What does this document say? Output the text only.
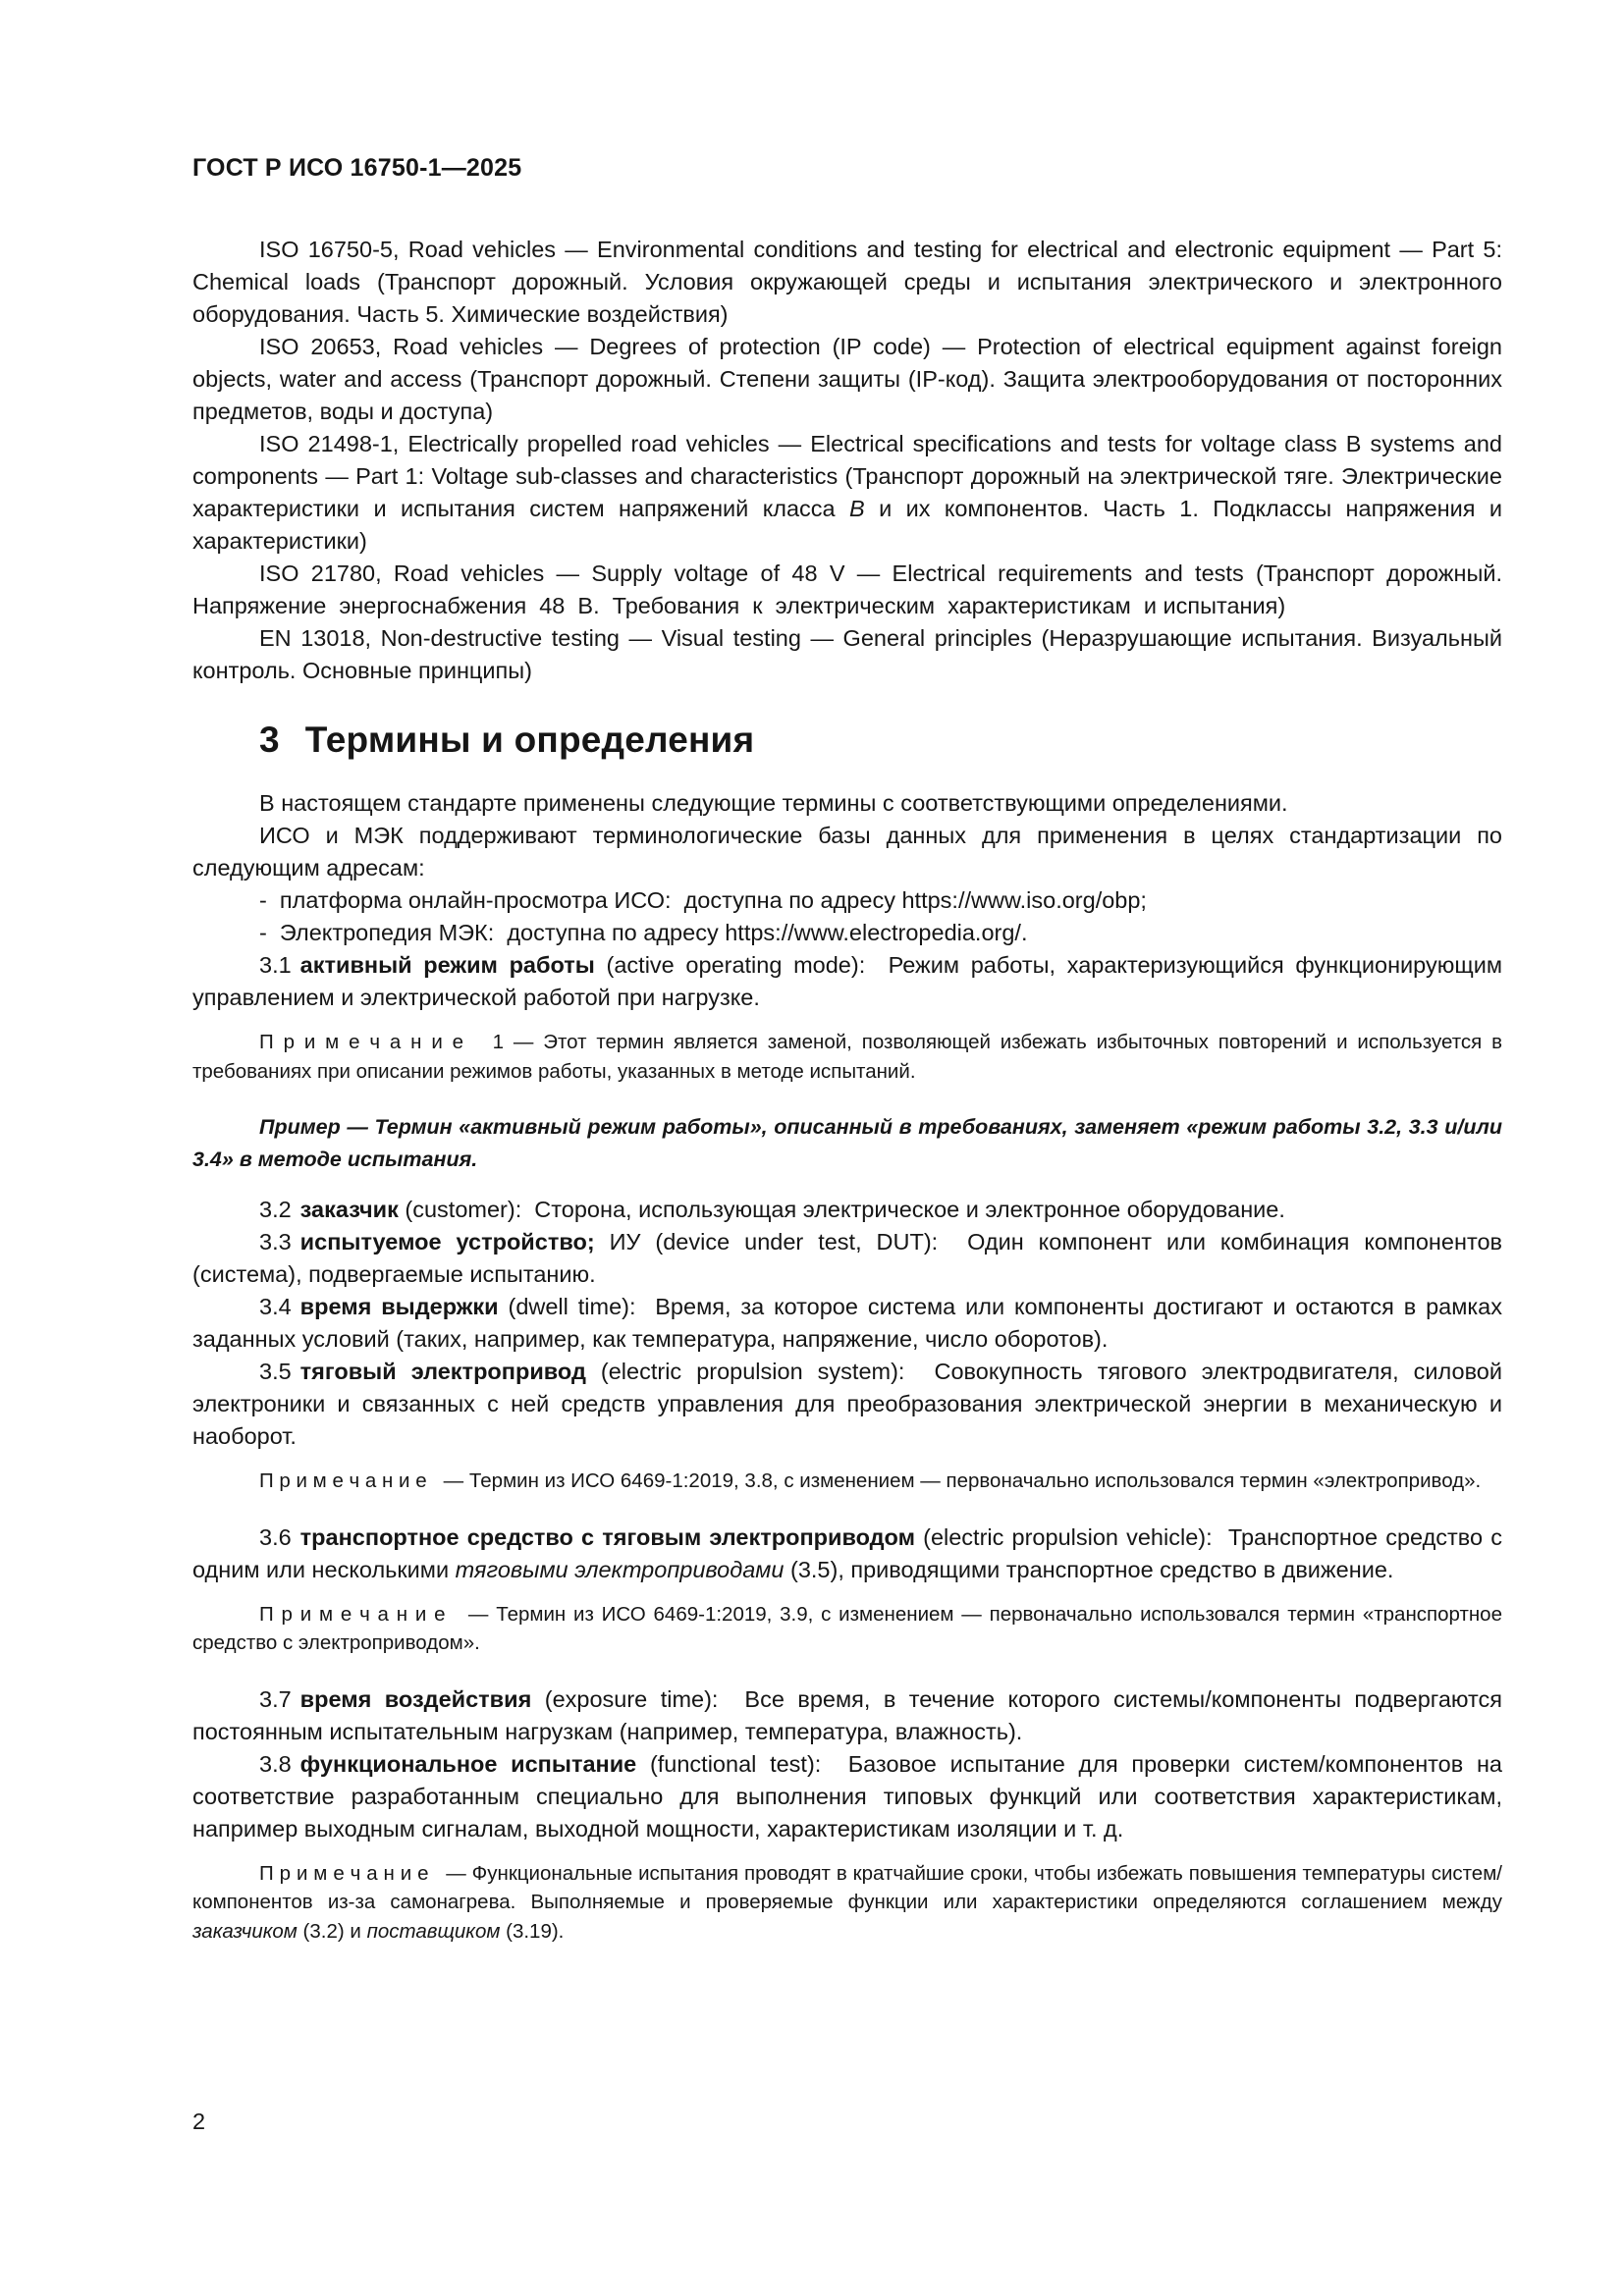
ГОСТ Р ИСО 16750-1—2025

ISO 16750-5, Road vehicles — Environmental conditions and testing for electrical and electronic equipment — Part 5: Chemical loads (Транспорт дорожный. Условия окружающей среды и испытания электрического и электронного оборудования. Часть 5. Химические воздействия)

ISO 20653, Road vehicles — Degrees of protection (IP code) — Protection of electrical equipment against foreign objects, water and access (Транспорт дорожный. Степени защиты (IP-код). Защита электрооборудования от посторонних предметов, воды и доступа)

ISO 21498-1, Electrically propelled road vehicles — Electrical specifications and tests for voltage class B systems and components — Part 1: Voltage sub-classes and characteristics (Транспорт дорожный на электрической тяге. Электрические характеристики и испытания систем напряжений класса B и их компонентов. Часть 1. Подклассы напряжения и характеристики)

ISO 21780, Road vehicles — Supply voltage of 48 V — Electrical requirements and tests (Транспорт дорожный.  Напряжение  энергоснабжения  48  В.  Требования  к  электрическим  характеристикам  и испытания)

EN 13018, Non-destructive testing — Visual testing — General principles (Неразрушающие испытания. Визуальный контроль. Основные принципы)

3 Термины и определения

В настоящем стандарте применены следующие термины с соответствующими определениями.

ИСО и МЭК поддерживают терминологические базы данных для применения в целях стандартизации по следующим адресам:

-  платформа онлайн-просмотра ИСО:  доступна по адресу https://www.iso.org/obp;

-  Электропедия МЭК:  доступна по адресу https://www.electropedia.org/.

3.1 активный режим работы (active operating mode):  Режим работы, характеризующийся функционирующим управлением и электрической работой при нагрузке.

П р и м е ч а н и е   1 — Этот термин является заменой, позволяющей избежать избыточных повторений и используется в требованиях при описании режимов работы, указанных в методе испытаний.

Пример — Термин «активный режим работы», описанный в требованиях, заменяет «режим работы 3.2, 3.3 и/или 3.4» в методе испытания.

3.2 заказчик (customer):  Сторона, использующая электрическое и электронное оборудование.

3.3 испытуемое устройство; ИУ (device under test, DUT):  Один компонент или комбинация компонентов (система), подвергаемые испытанию.

3.4 время выдержки (dwell time):  Время, за которое система или компоненты достигают и остаются в рамках заданных условий (таких, например, как температура, напряжение, число оборотов).

3.5 тяговый электропривод (electric propulsion system):  Совокупность тягового электродвигателя, силовой электроники и связанных с ней средств управления для преобразования электрической энергии в механическую и наоборот.

П р и м е ч а н и е   — Термин из ИСО 6469-1:2019, 3.8, с изменением — первоначально использовался термин «электропривод».

3.6 транспортное средство с тяговым электроприводом (electric propulsion vehicle):  Транспортное средство с одним или несколькими тяговыми электроприводами (3.5), приводящими транспортное средство в движение.

П р и м е ч а н и е   — Термин из ИСО 6469-1:2019, 3.9, с изменением — первоначально использовался термин «транспортное средство с электроприводом».

3.7 время воздействия (exposure time):  Все время, в течение которого системы/компоненты подвергаются постоянным испытательным нагрузкам (например, температура, влажность).

3.8 функциональное испытание (functional test):  Базовое испытание для проверки систем/компонентов на соответствие разработанным специально для выполнения типовых функций или соответствия характеристикам, например выходным сигналам, выходной мощности, характеристикам изоляции и т. д.

П р и м е ч а н и е   — Функциональные испытания проводят в кратчайшие сроки, чтобы избежать повышения температуры систем/компонентов из-за самонагрева. Выполняемые и проверяемые функции или характеристики определяются соглашением между заказчиком (3.2) и поставщиком (3.19).

2
